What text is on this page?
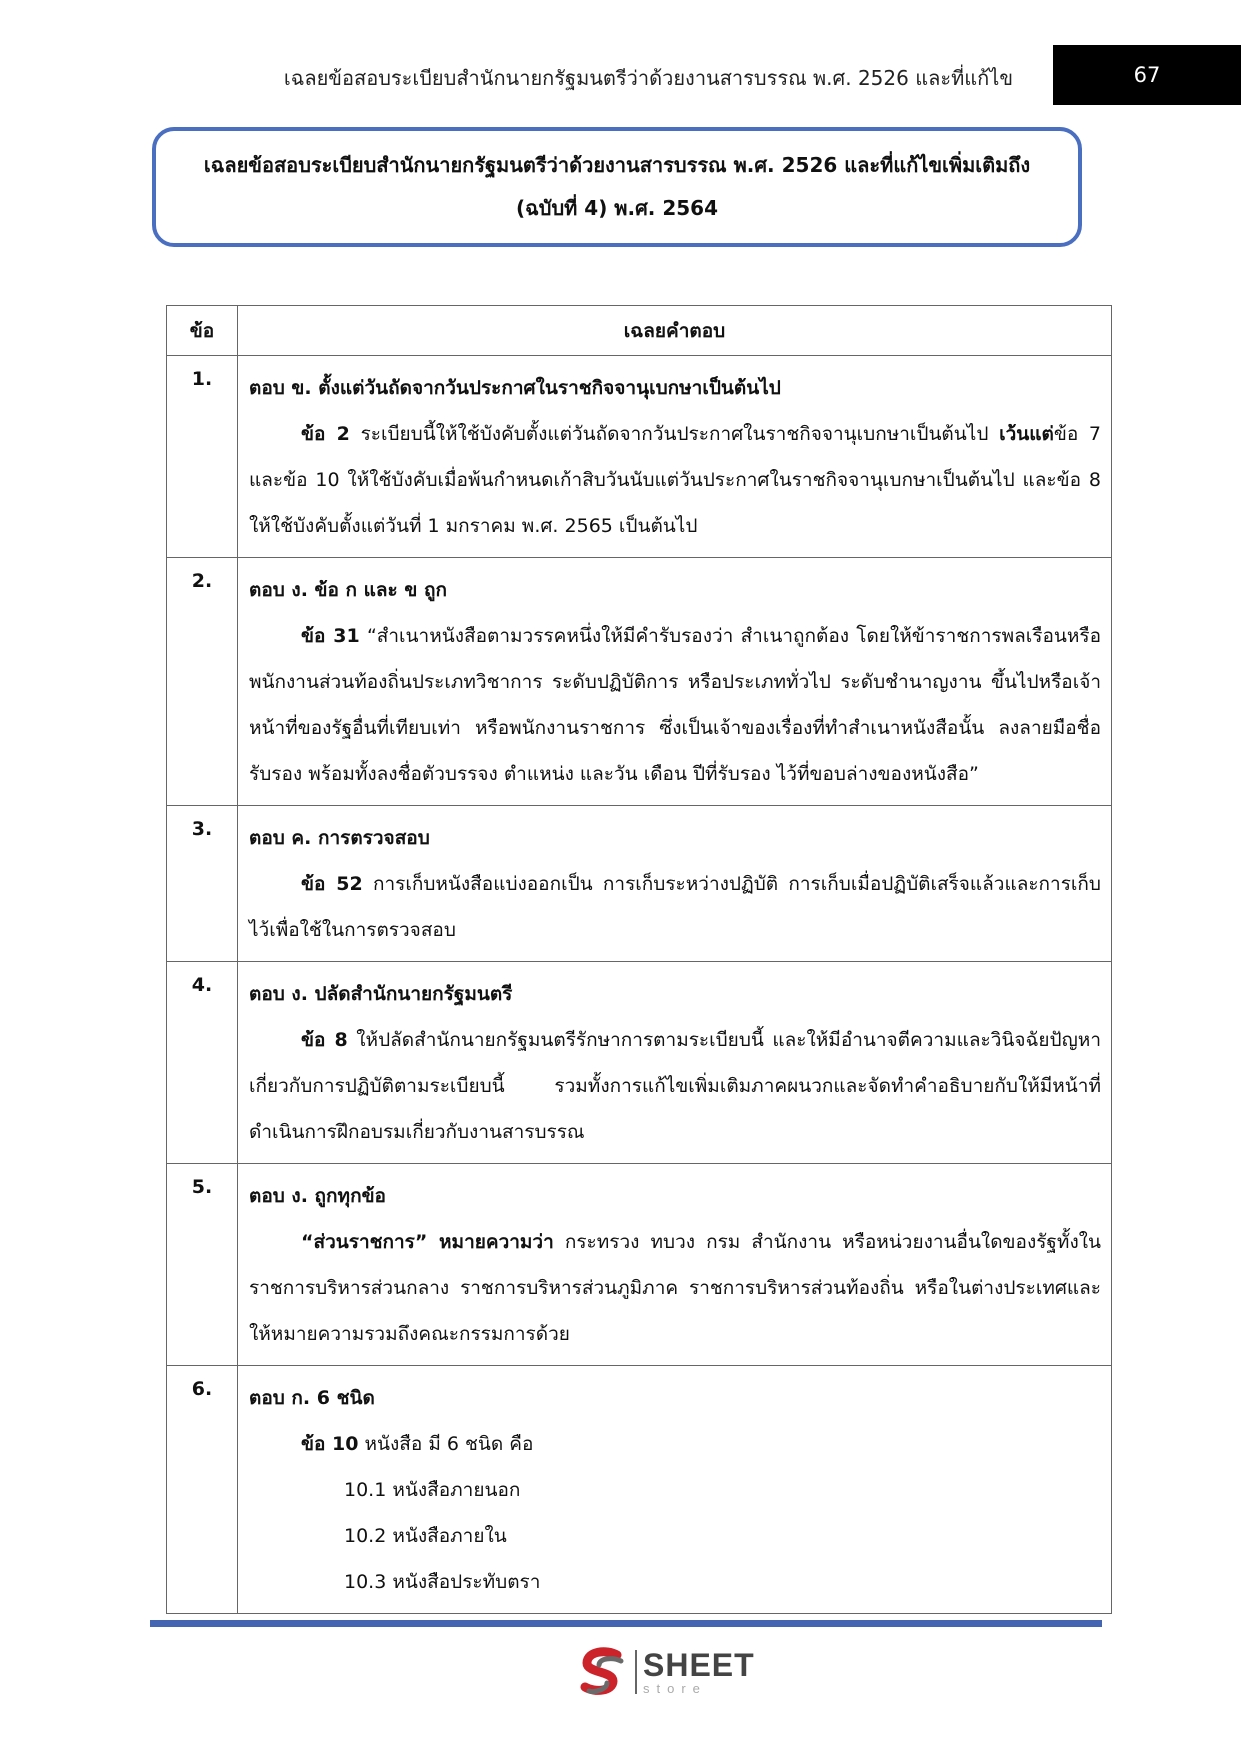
เฉลยข้อสอบระเบียบสำนักนายกรัฐมนตรีว่าด้วยงานสารบรรณ พ.ศ. 2526 และที่แก้ไข	67
เฉลยข้อสอบระเบียบสำนักนายกรัฐมนตรีว่าด้วยงานสารบรรณ พ.ศ. 2526 และที่แก้ไขเพิ่มเติมถึง
(ฉบับที่ 4) พ.ศ. 2564
ข้อ	เฉลยคำตอบ
1.	ตอบ ข. ตั้งแต่วันถัดจากวันประกาศในราชกิจจานุเบกษาเป็นต้นไป

ข้อ 2 ระเบียบนี้ให้ใช้บังคับตั้งแต่วันถัดจากวันประกาศในราชกิจจานุเบกษาเป็นต้นไป เว้นแต่ข้อ 7 และข้อ 10 ให้ใช้บังคับเมื่อพ้นกำหนดเก้าสิบวันนับแต่วันประกาศในราชกิจจานุเบกษาเป็นต้นไป และข้อ 8 ให้ใช้บังคับตั้งแต่วันที่ 1 มกราคม พ.ศ. 2565 เป็นต้นไป

2.	ตอบ ง. ข้อ ก และ ข ถูก

ข้อ 31 “สำเนาหนังสือตามวรรคหนึ่งให้มีคำรับรองว่า สำเนาถูกต้อง โดยให้ข้าราชการพลเรือนหรือพนักงานส่วนท้องถิ่นประเภทวิชาการ ระดับปฏิบัติการ หรือประเภททั่วไป ระดับชำนาญงาน ขึ้นไปหรือเจ้าหน้าที่ของรัฐอื่นที่เทียบเท่า หรือพนักงานราชการ ซึ่งเป็นเจ้าของเรื่องที่ทำสำเนาหนังสือนั้น ลงลายมือชื่อรับรอง พร้อมทั้งลงชื่อตัวบรรจง ตำแหน่ง และวัน เดือน ปีที่รับรอง ไว้ที่ขอบล่างของหนังสือ”

3.	ตอบ ค. การตรวจสอบ

ข้อ 52 การเก็บหนังสือแบ่งออกเป็น การเก็บระหว่างปฏิบัติ การเก็บเมื่อปฏิบัติเสร็จแล้วและการเก็บไว้เพื่อใช้ในการตรวจสอบ

4.	ตอบ ง. ปลัดสำนักนายกรัฐมนตรี

ข้อ 8 ให้ปลัดสำนักนายกรัฐมนตรีรักษาการตามระเบียบนี้ และให้มีอำนาจตีความและวินิจฉัยปัญหาเกี่ยวกับการปฏิบัติตามระเบียบนี้ รวมทั้งการแก้ไขเพิ่มเติมภาคผนวกและจัดทำคำอธิบายกับให้มีหน้าที่ดำเนินการฝึกอบรมเกี่ยวกับงานสารบรรณ

5.	ตอบ ง. ถูกทุกข้อ

“ส่วนราชการ” หมายความว่า กระทรวง ทบวง กรม สำนักงาน หรือหน่วยงานอื่นใดของรัฐทั้งในราชการบริหารส่วนกลาง ราชการบริหารส่วนภูมิภาค ราชการบริหารส่วนท้องถิ่น หรือในต่างประเทศและให้หมายความรวมถึงคณะกรรมการด้วย

6.	ตอบ ก. 6 ชนิด

ข้อ 10 หนังสือ มี 6 ชนิด คือ

10.1 หนังสือภายนอก

10.2 หนังสือภายใน

10.3 หนังสือประทับตรา

SHEET
store
